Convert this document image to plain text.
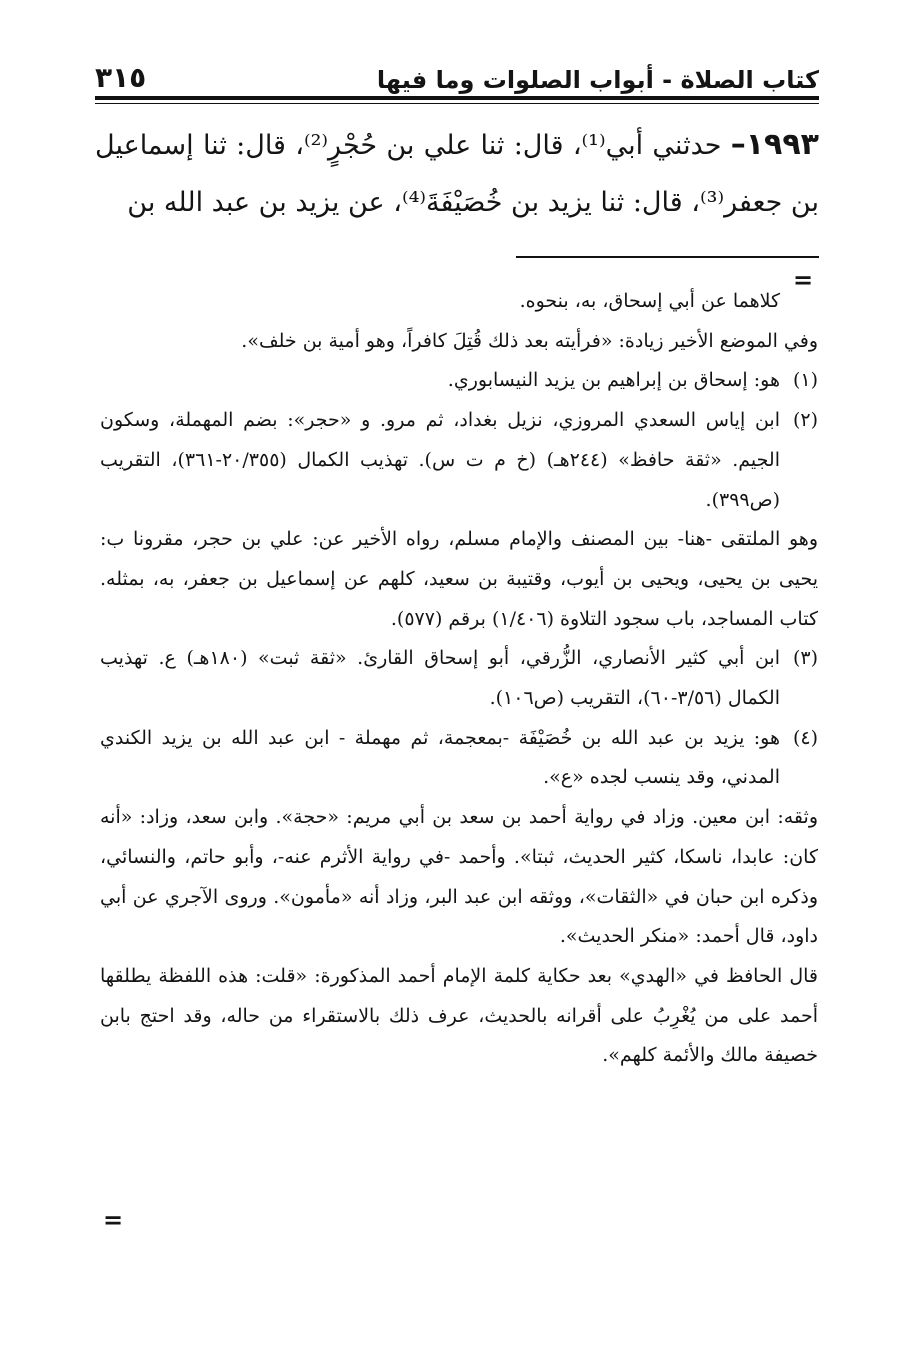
كتاب الصلاة - أبواب الصلوات وما فيها
٣١٥

١٩٩٣– حدثني أبي⁽¹⁾، قال: ثنا علي بن حُجْرٍ⁽²⁾، قال: ثنا إسماعيل بن جعفر⁽³⁾، قال: ثنا يزيد بن خُصَيْفَةَ⁽⁴⁾، عن يزيد بن عبد الله بن

=

كلاهما عن أبي إسحاق، به، بنحوه.

وفي الموضع الأخير زيادة: «فرأيته بعد ذلك قُتِلَ كافراً، وهو أمية بن خلف».

(١)هو: إسحاق بن إبراهيم بن يزيد النيسابوري.

(٢)ابن إياس السعدي المروزي، نزيل بغداد، ثم مرو. و «حجر»: بضم المهملة، وسكون الجيم. «ثقة حافظ» (٢٤٤هـ) (خ م ت س). تهذيب الكمال (٢٠/٣٥٥-٣٦١)، التقريب (ص٣٩٩).

وهو الملتقى -هنا- بين المصنف والإمام مسلم، رواه الأخير عن: علي بن حجر، مقرونا ب: يحيى بن يحيى، ويحيى بن أيوب، وقتيبة بن سعيد، كلهم عن إسماعيل بن جعفر، به، بمثله. كتاب المساجد، باب سجود التلاوة (١/٤٠٦) برقم (٥٧٧).

(٣)ابن أبي كثير الأنصاري، الزُّرقي، أبو إسحاق القارئ. «ثقة ثبت» (١٨٠هـ) ع. تهذيب الكمال (٣/٥٦-٦٠)، التقريب (ص١٠٦).

(٤)هو: يزيد بن عبد الله بن خُصَيْفَة -بمعجمة، ثم مهملة - ابن عبد الله بن يزيد الكندي المدني، وقد ينسب لجده «ع».

وثقه: ابن معين. وزاد في رواية أحمد بن سعد بن أبي مريم: «حجة». وابن سعد، وزاد: «أنه كان: عابدا، ناسكا، كثير الحديث، ثبتا». وأحمد -في رواية الأثرم عنه-، وأبو حاتم، والنسائي، وذكره ابن حبان في «الثقات»، ووثقه ابن عبد البر، وزاد أنه «مأمون». وروى الآجري عن أبي داود، قال أحمد: «منكر الحديث».

قال الحافظ في «الهدي» بعد حكاية كلمة الإمام أحمد المذكورة: «قلت: هذه اللفظة يطلقها أحمد على من يُغْرِبُ على أقرانه بالحديث، عرف ذلك بالاستقراء من حاله، وقد احتج بابن خصيفة مالك والأئمة كلهم».

=
